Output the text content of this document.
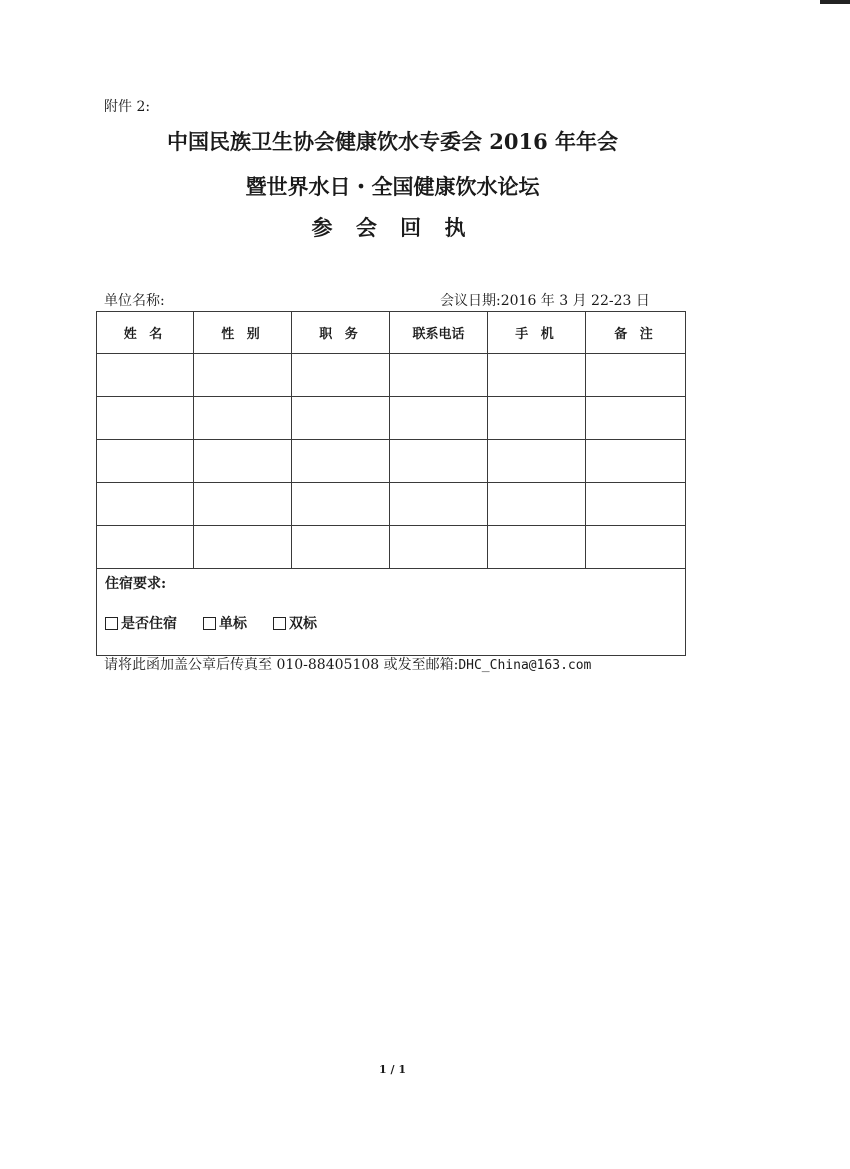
附件 2:
中国民族卫生协会健康饮水专委会 2016 年年会
暨世界水日・全国健康饮水论坛
参 会 回 执
单位名称:	会议日期:2016 年 3 月 22-23 日
姓 名	性 别	职 务	联系电话	手 机	备 注

住宿要求:
是否住宿 单标 双标					
请将此函加盖公章后传真至 010-88405108 或发至邮箱:DHC_China@163.com
1 / 1
